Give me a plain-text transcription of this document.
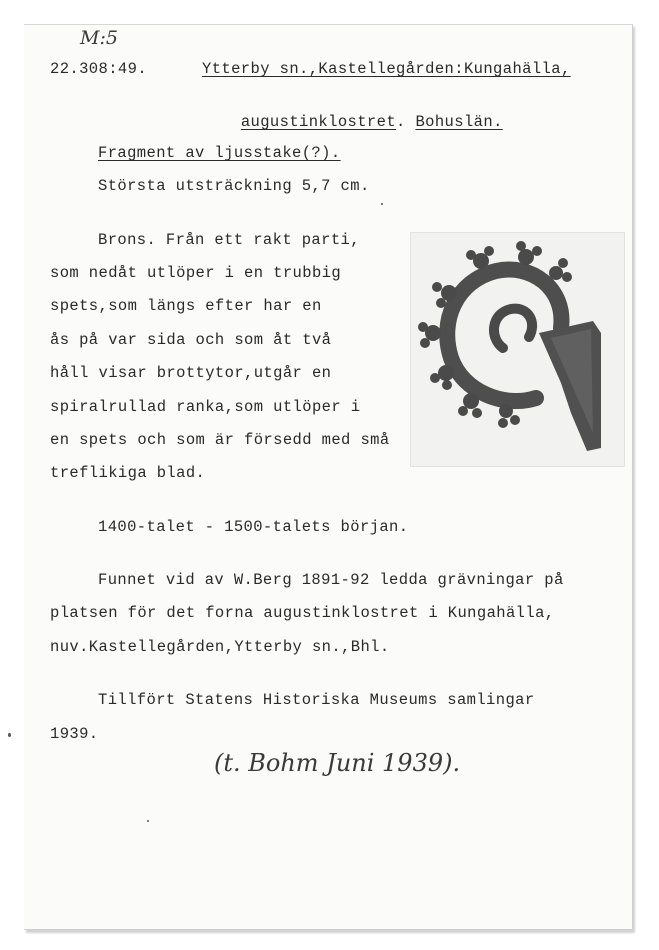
M:5
22.308:49.	Ytterby sn.,Kastellegården:Kungahälla,

augustinklostret. Bohuslän.

Fragment av ljusstake(?).
Största utsträckning 5,7 cm.
Brons. Från ett rakt parti,
som nedåt utlöper i en trubbig
spets,som längs efter har en
ås på var sida och som åt två
håll visar brottytor,utgår en
spiralrullad ranka,som utlöper i
en spets och som är försedd med små
treflikiga blad.
1400-talet - 1500-talets början.
Funnet vid av W.Berg 1891-92 ledda grävningar på
platsen för det forna augustinklostret i Kungahälla,
nuv.Kastellegården,Ytterby sn.,Bhl.
Tillfört Statens Historiska Museums samlingar
1939.
(t. Bohm Juni 1939).
